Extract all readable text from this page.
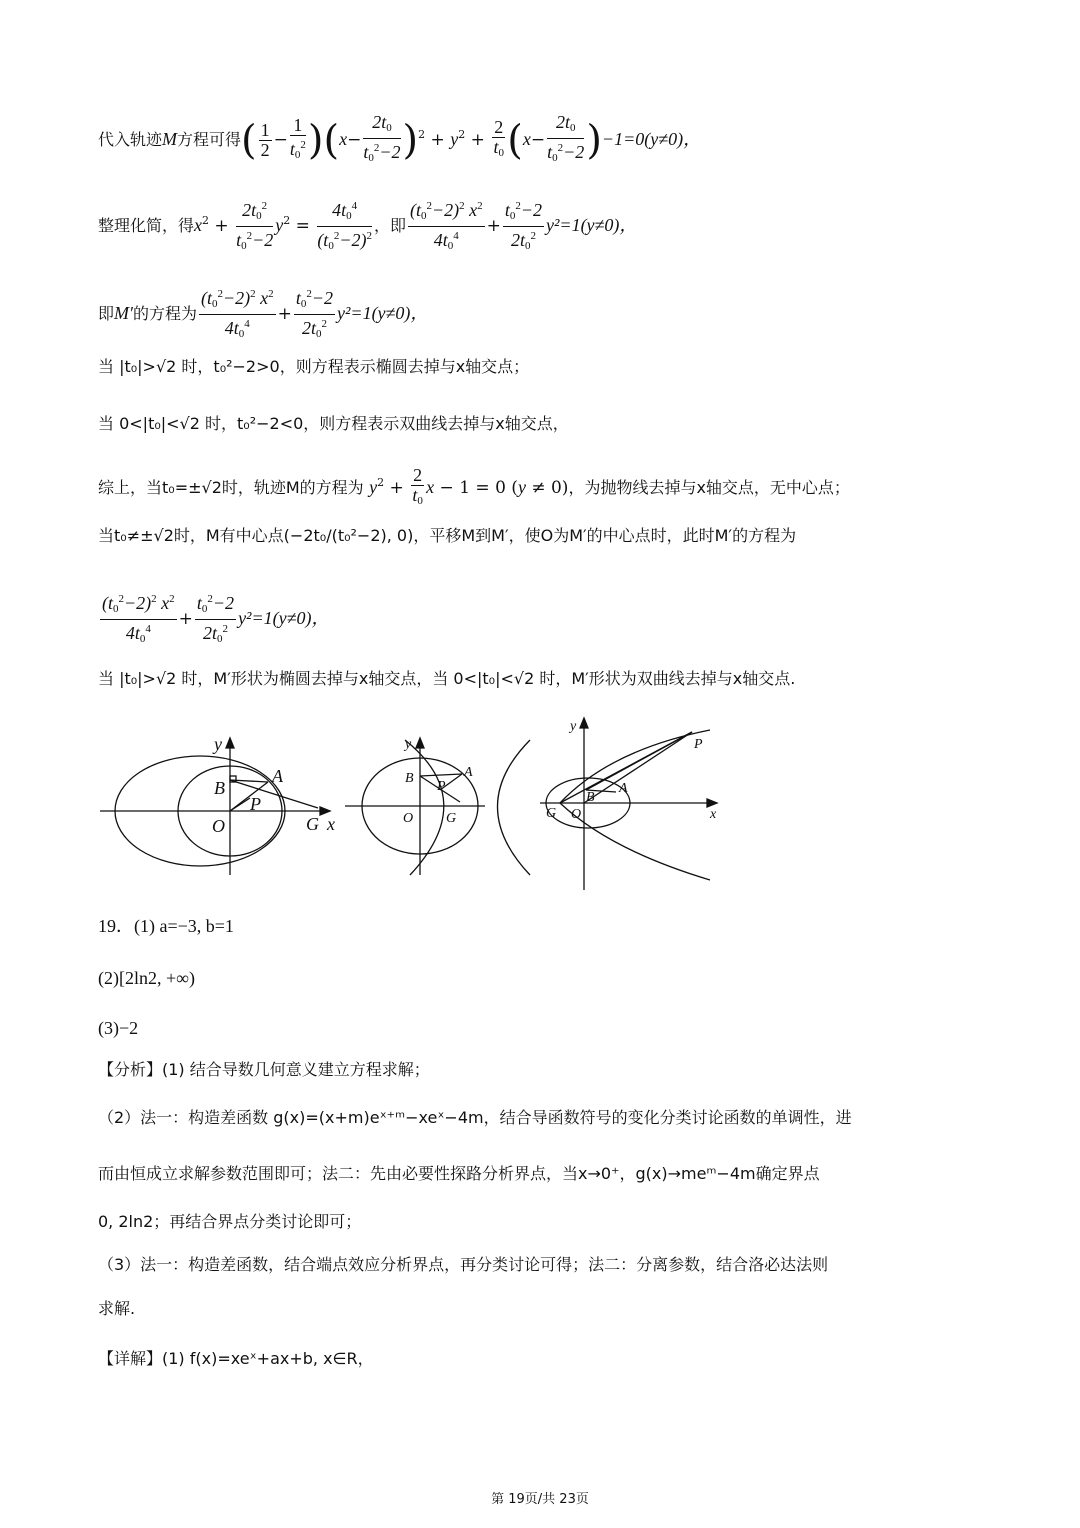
代入轨迹M方程可得( $\frac{1}{2} - \frac{1}{t_0^2} )(x- \frac{2t_0}{t_0^2-2} )^2 + y^2 + \frac{2}{t_0} (x- \frac{2t_0}{t_0^2-2} )-1=0(y\ne 0)$，
整理化简，得$x^2 + \frac{2t_0^2}{t_0^2-2} y^2 = \frac{4t_0^4}{(t_0^2-2)^2}$ ，即 $\frac{(t_0^2-2)^2 x^2}{4t_0^4} + \frac{t_0^2-2}{2t_0^2} y^2=1(y\ne 0)$，
即M′的方程为 $\frac{(t_0^2-2)^2 x^2}{4t_0^4} + \frac{t_0^2-2}{2t_0^2} y^2=1(y\ne 0)$，
当 |t₀|>√2 时，t₀²−2>0，则方程表示椭圆去掉与x轴交点；
当 0<|t₀|<√2 时，t₀²−2<0，则方程表示双曲线去掉与x轴交点，
综上，当t₀=±√2时，轨迹M的方程为 $y^2 + \frac{2}{t_0}$ x − 1 = 0 (y ≠ 0)，为抛物线去掉与x轴交点，无中心点；
当t₀≠±√2时，M有中心点(−2t₀/(t₀²−2), 0)，平移M到M′，使O为M′的中心点时，此时M′的方程为
$\frac{(t_0^2-2)^2 x^2}{4t_0^4} + \frac{t_0^2-2}{2t_0^2} y^2=1(y\ne 0)$，
当 |t₀|>√2 时，M′形状为椭圆去掉与x轴交点，当 0<|t₀|<√2 时，M′形状为双曲线去掉与x轴交点.
y
B
A
P
O	G x
y
B	A
P
O G
y
P
B
A
G O	x
19．(1) a=−3, b=1
(2)[2ln2, +∞)
(3)−2
【分析】(1) 结合导数几何意义建立方程求解；
（2）法一：构造差函数 g(x)=(x+m)eˣ⁺ᵐ−xeˣ−4m，结合导函数符号的变化分类讨论函数的单调性，进
而由恒成立求解参数范围即可；法二：先由必要性探路分析界点，当x→0⁺，g(x)→meᵐ−4m确定界点
0, 2ln2；再结合界点分类讨论即可；
（3）法一：构造差函数，结合端点效应分析界点，再分类讨论可得；法二：分离参数，结合洛必达法则
求解.
【详解】(1) f(x)=xeˣ+ax+b, x∈R，
第 19页/共 23页
